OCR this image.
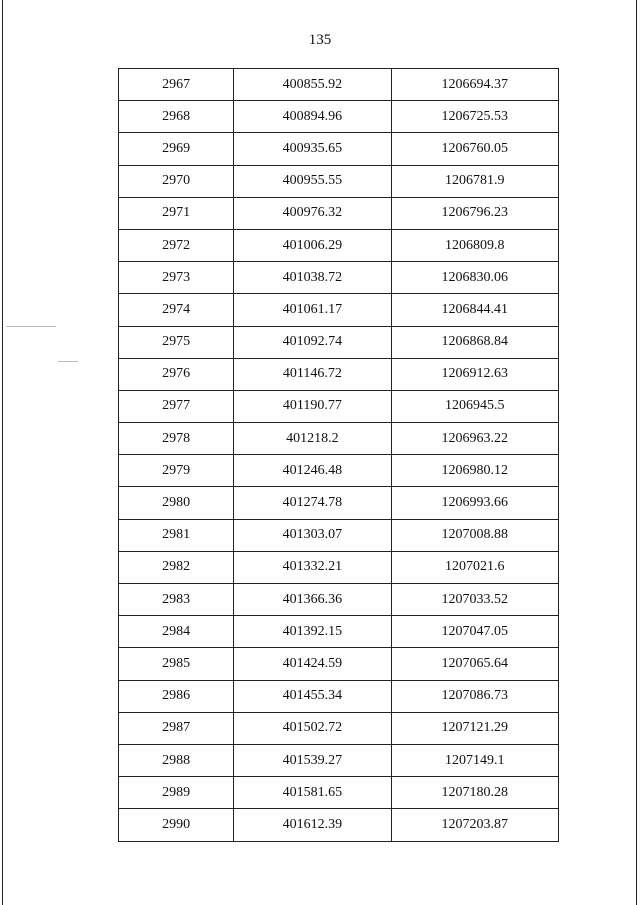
135
2967	400855.92	1206694.37
2968	400894.96	1206725.53
2969	400935.65	1206760.05
2970	400955.55	1206781.9
2971	400976.32	1206796.23
2972	401006.29	1206809.8
2973	401038.72	1206830.06
2974	401061.17	1206844.41
2975	401092.74	1206868.84
2976	401146.72	1206912.63
2977	401190.77	1206945.5
2978	401218.2	1206963.22
2979	401246.48	1206980.12
2980	401274.78	1206993.66
2981	401303.07	1207008.88
2982	401332.21	1207021.6
2983	401366.36	1207033.52
2984	401392.15	1207047.05
2985	401424.59	1207065.64
2986	401455.34	1207086.73
2987	401502.72	1207121.29
2988	401539.27	1207149.1
2989	401581.65	1207180.28
2990	401612.39	1207203.87
